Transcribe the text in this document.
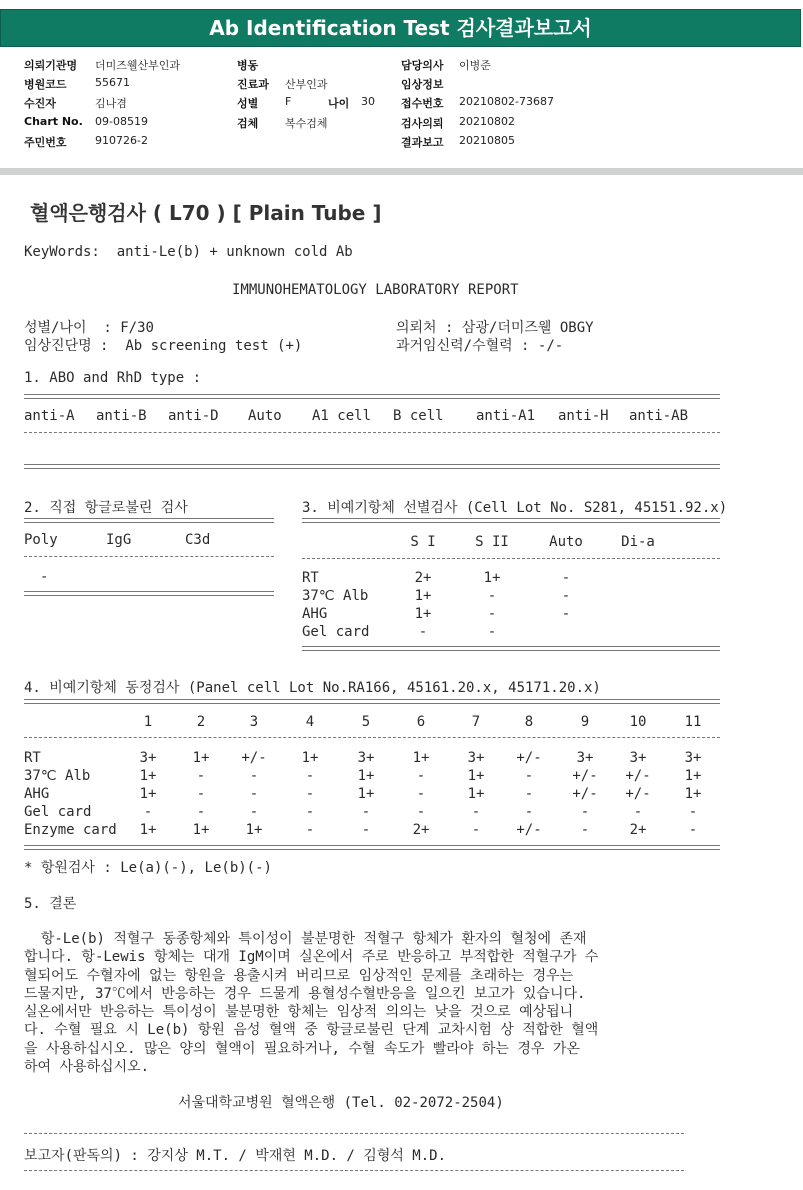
Ab Identification Test 검사결과보고서
의뢰기관명 더미즈웰산부인과
병원코드	55671
수진자	김나겸
Chart No. 09-08519
주민번호	910726-2
병동
진료과 산부인과
성별 F	나이 30
검체 복수검체
담당의사 이병준
임상정보
접수번호 20210802-73687
검사의뢰 20210802
결과보고 20210805
혈액은행검사 ( L70 ) [ Plain Tube ]
KeyWords:  anti-Le(b) + unknown cold Ab
IMMUNOHEMATOLOGY LABORATORY REPORT
성별/나이  : F/30
임상진단명 :  Ab screening test (+)
의뢰처 : 삼광/더미즈웰 OBGY
과거임신력/수혈력 : -/-
1. ABO and RhD type :
anti-A anti-B anti-D Auto A1 cell B cell anti-A1 anti-H anti-AB
2. 직접 항글로불린 검사
Poly	IgG	C3d
-
3. 비예기항체 선별검사 (Cell Lot No. S281, 45151.92.x)
S I	S II	Auto	Di-a
RT	2+	1+	-
37℃ Alb	1+	-	-
AHG	1+	-	-
Gel card	-	-
4. 비예기항체 동정검사 (Panel cell Lot No.RA166, 45161.20.x, 45171.20.x)
1	2	3	4	5	6	7	8	9	10	11
RT	3+	1+	+/-	1+	3+	1+	3+	+/-	3+	3+	3+
37℃ Alb	1+	-	-	-	1+	-	1+	-	+/-	+/-	1+
AHG	1+	-	-	-	1+	-	1+	-	+/-	+/-	1+
Gel card	-	-	-	-	-	-	-	-	-	-	-
Enzyme card	1+	1+	1+	-	-	2+	-	+/-	-	2+	-
* 항원검사 : Le(a)(-), Le(b)(-)
5. 결론
항-Le(b) 적혈구 동종항체와 특이성이 불분명한 적혈구 항체가 환자의 혈청에 존재
합니다. 항-Lewis 항체는 대개 IgM이며 실온에서 주로 반응하고 부적합한 적혈구가 수
혈되어도 수혈자에 없는 항원을 용출시켜 버리므로 임상적인 문제를 초래하는 경우는
드물지만, 37℃에서 반응하는 경우 드물게 용혈성수혈반응을 일으킨 보고가 있습니다.
실온에서만 반응하는 특이성이 불분명한 항체는 임상적 의의는 낮을 것으로 예상됩니
다. 수혈 필요 시 Le(b) 항원 음성 혈액 중 항글로불린 단계 교차시험 상 적합한 혈액
을 사용하십시오. 많은 양의 혈액이 필요하거나, 수혈 속도가 빨라야 하는 경우 가온
하여 사용하십시오.
서울대학교병원 혈액은행 (Tel. 02-2072-2504)
보고자(판독의) : 강지상 M.T. / 박재현 M.D. / 김형석 M.D.
